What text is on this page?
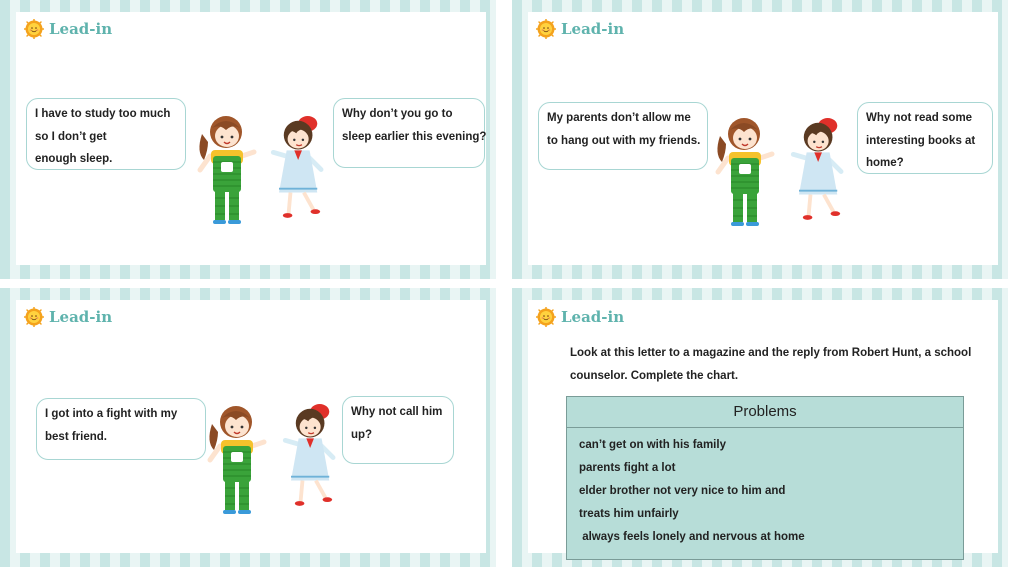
Lead-in
I have to study too much
so I don’t get
enough sleep.
Why don’t you go to
sleep earlier this evening?
Lead-in
My parents don’t allow me
to hang out with my friends.
Why not read some
interesting books at
home?
Lead-in
I got into a fight with my
best friend.
Why not call him
up?
Lead-in
Look at this letter to a magazine and the reply from Robert Hunt, a school
counselor. Complete the chart.
Problems
can’t get on with his family
parents fight a lot
elder brother not very nice to him and
treats him unfairly
always feels lonely and nervous at home
